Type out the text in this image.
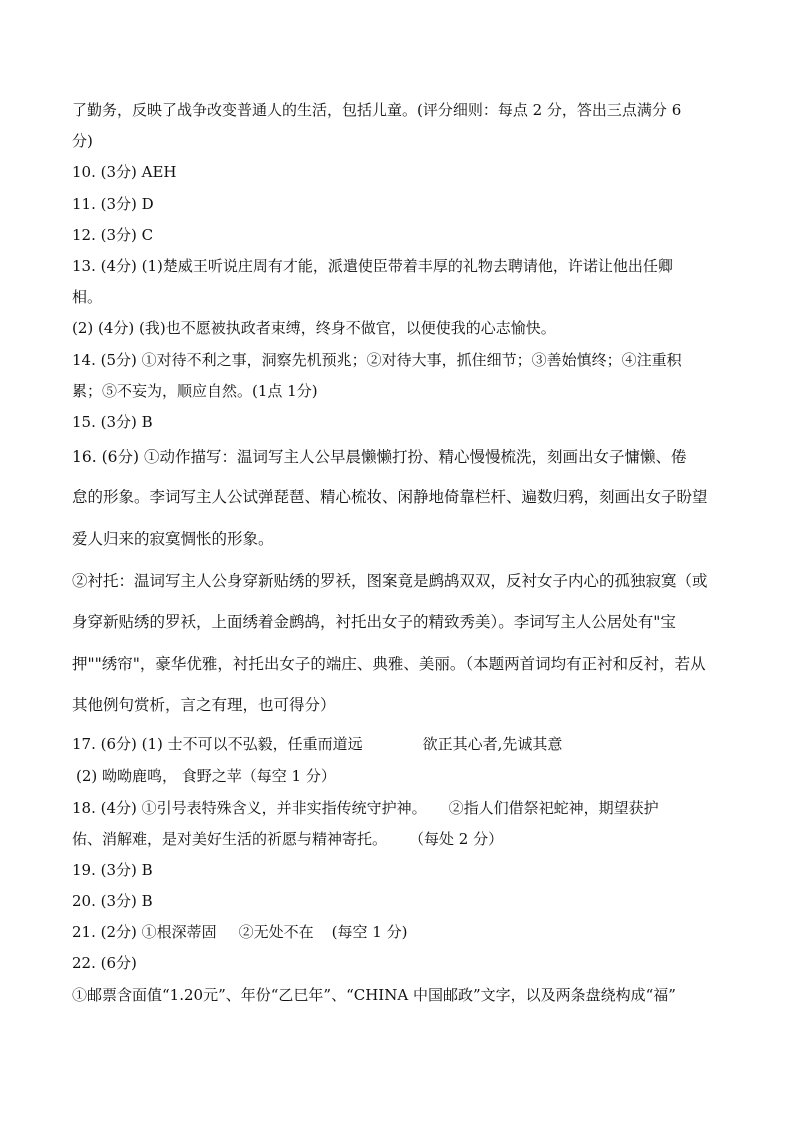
了勤务，反映了战争改变普通人的生活，包括儿童。(评分细则：每点 2 分，答出三点满分 6
分)
10. (3分) AEH
11. (3分) D
12. (3分) C
13. (4分) (1)楚威王听说庄周有才能，派遣使臣带着丰厚的礼物去聘请他，许诺让他出任卿
相。
(2) (4分) (我)也不愿被执政者束缚，终身不做官，以便使我的心志愉快。
14. (5分) ①对待不利之事，洞察先机预兆；②对待大事，抓住细节；③善始慎终；④注重积
累；⑤不妄为，顺应自然。(1点 1分)
15. (3分) B
16. (6分) ①动作描写：温词写主人公早晨懒懒打扮、精心慢慢梳洗，刻画出女子慵懒、倦
怠的形象。李词写主人公试弹琵琶、精心梳妆、闲静地倚靠栏杆、遍数归鸦，刻画出女子盼望
爱人归来的寂寞惆怅的形象。
②衬托：温词写主人公身穿新贴绣的罗袄，图案竟是鹧鸪双双，反衬女子内心的孤独寂寞（或
身穿新贴绣的罗袄，上面绣着金鹧鸪，衬托出女子的精致秀美）。李词写主人公居处有"宝
押""绣帘"，豪华优雅，衬托出女子的端庄、典雅、美丽。（本题两首词均有正衬和反衬，若从
其他例句赏析，言之有理，也可得分）
17. (6分) (1) 士不可以不弘毅，任重而道远	欲正其心者,先诚其意
(2) 呦呦鹿鸣， 食野之苹（每空 1 分）
18. (4分) ①引号表特殊含义，并非实指传统守护神。 ②指人们借祭祀蛇神，期望获护
佑、消解难，是对美好生活的祈愿与精神寄托。 （每处 2 分）
19. (3分) B
20. (3分) B
21. (2分) ①根深蒂固 ②无处不在 (每空 1 分)
22. (6分)
①邮票含面值“1.20元”、年份“乙巳年”、“CHINA 中国邮政”文字，以及两条盘绕构成“福”
